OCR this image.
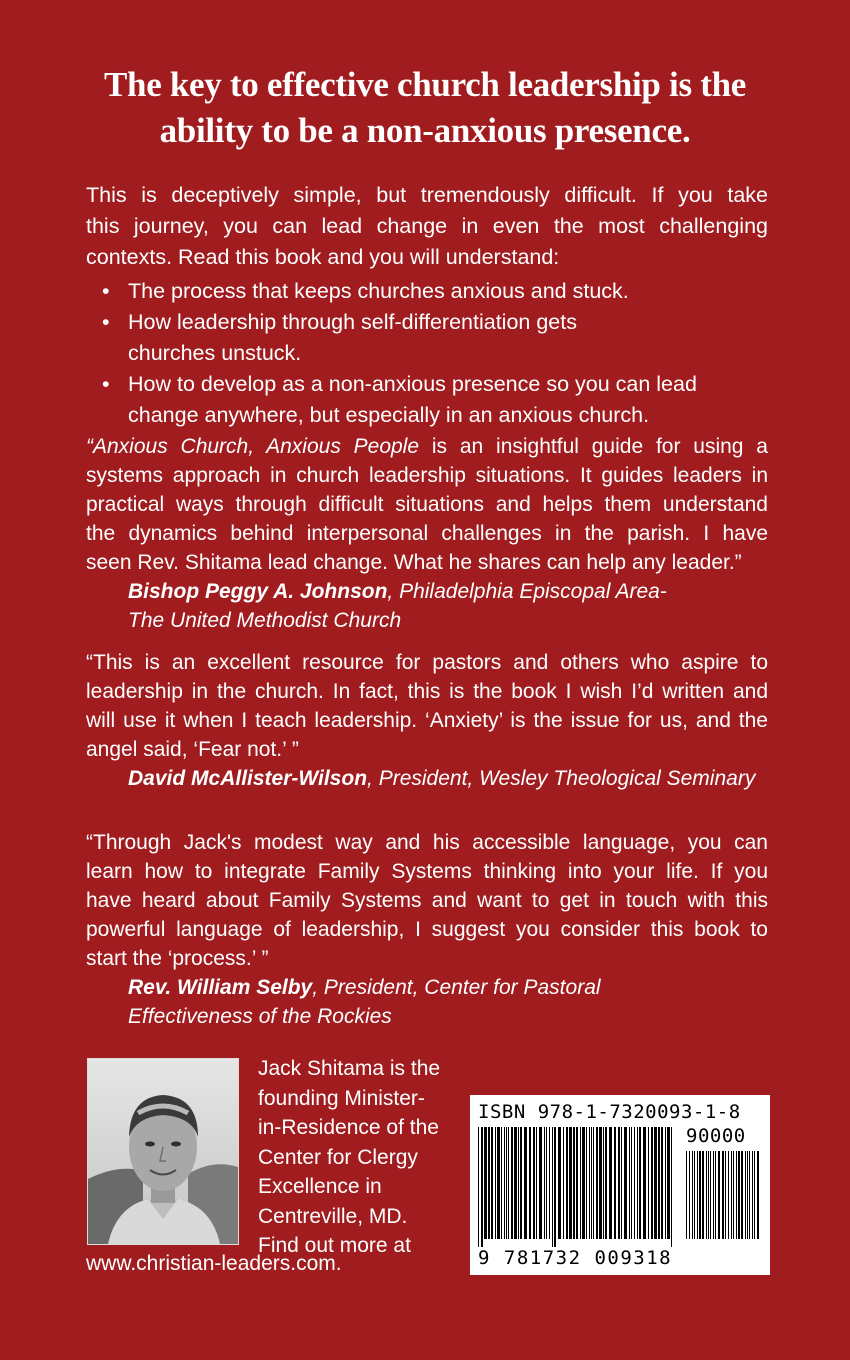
The key to effective church leadership is the
ability to be a non-anxious presence.
This is deceptively simple, but tremendously difficult. If you take
this journey, you can lead change in even the most challenging
contexts. Read this book and you will understand:
• The process that keeps churches anxious and stuck.
• How leadership through self-differentiation gets
churches unstuck.
• How to develop as a non-anxious presence so you can lead
change anywhere, but especially in an anxious church.
“Anxious Church, Anxious People is an insightful guide for using a
systems approach in church leadership situations. It guides leaders in
practical ways through difficult situations and helps them understand
the dynamics behind interpersonal challenges in the parish. I have
seen Rev. Shitama lead change. What he shares can help any leader.”
Bishop Peggy A. Johnson, Philadelphia Episcopal Area-
The United Methodist Church
“This is an excellent resource for pastors and others who aspire to
leadership in the church. In fact, this is the book I wish I’d written and
will use it when I teach leadership. ‘Anxiety’ is the issue for us, and the
angel said, ‘Fear not.’ ”
David McAllister-Wilson, President, Wesley Theological Seminary
“Through Jack's modest way and his accessible language, you can
learn how to integrate Family Systems thinking into your life. If you
have heard about Family Systems and want to get in touch with this
powerful language of leadership, I suggest you consider this book to
start the ‘process.’ ”
Rev. William Selby, President, Center for Pastoral
Effectiveness of the Rockies
Jack Shitama is the
founding Minister-
in-Residence of the
Center for Clergy
Excellence in
Centreville, MD.
Find out more at
www.christian-leaders.com.
ISBN 978-1-7320093-1-8
90000
9 781732 009318
